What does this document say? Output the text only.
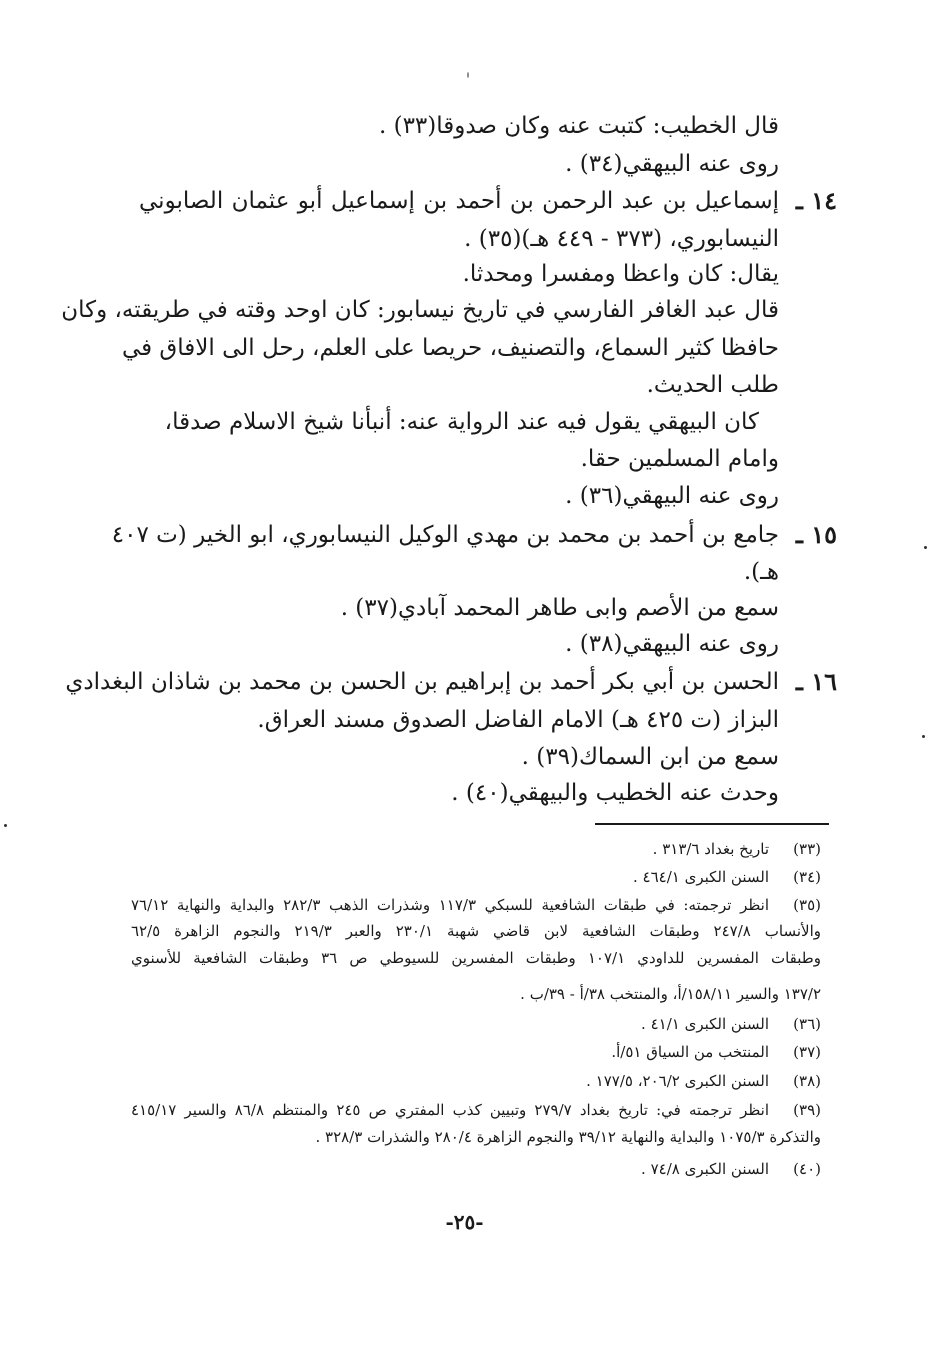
قال الخطيب: كتبت عنه وكان صدوقا(٣٣) .
روى عنه البيهقي(٣٤) .
١٤ ـ
إسماعيل بن عبد الرحمن بن أحمد بن إسماعيل أبو عثمان الصابوني
النيسابوري، (٣٧٣ - ٤٤٩ هـ)(٣٥) .
يقال: كان واعظا ومفسرا ومحدثا.
قال عبد الغافر الفارسي في تاريخ نيسابور: كان اوحد وقته في طريقته، وكان
حافظا كثير السماع، والتصنيف، حريصا على العلم، رحل الى الافاق في
طلب الحديث.
كان البيهقي يقول فيه عند الرواية عنه: أنبأنا شيخ الاسلام صدقا،
وامام المسلمين حقا.
روى عنه البيهقي(٣٦) .
١٥ ـ
جامع بن أحمد بن محمد بن مهدي الوكيل النيسابوري، ابو الخير (ت ٤٠٧
هـ).
سمع من الأصم وابى طاهر المحمد آبادي(٣٧) .
روى عنه البيهقي(٣٨) .
١٦ ـ
الحسن بن أبي بكر أحمد بن إبراهيم بن الحسن بن محمد بن شاذان البغدادي
البزاز (ت ٤٢٥ هـ) الامام الفاضل الصدوق مسند العراق.
سمع من ابن السماك(٣٩) .
وحدث عنه الخطيب والبيهقي(٤٠) .
(٣٣)
تاريخ بغداد ٣١٣/٦ .
(٣٤)
السنن الكبرى ٤٦٤/١ .
(٣٥)
انظر ترجمته: في طبقات الشافعية للسبكي ١١٧/٣ وشذرات الذهب ٢٨٢/٣ والبداية والنهاية ٧٦/١٢
والأنساب ٢٤٧/٨ وطبقات الشافعية لابن قاضي شهبة ٢٣٠/١ والعبر ٢١٩/٣ والنجوم الزاهرة ٦٢/٥
وطبقات المفسرين للداودي ١٠٧/١ وطبقات المفسرين للسيوطي ص ٣٦ وطبقات الشافعية للأسنوي
١٣٧/٢ والسير ١٥٨/١١/أ، والمنتخب ٣٨/أ - ٣٩/ب .
(٣٦)
السنن الكبرى ٤١/١ .
(٣٧)
المنتخب من السياق ٥١/أ.
(٣٨)
السنن الكبرى ٢٠٦/٢، ١٧٧/٥ .
(٣٩)
انظر ترجمته في: تاريخ بغداد ٢٧٩/٧ وتبيين كذب المفتري ص ٢٤٥ والمنتظم ٨٦/٨ والسير ٤١٥/١٧
والتذكرة ١٠٧٥/٣ والبداية والنهاية ٣٩/١٢ والنجوم الزاهرة ٢٨٠/٤ والشذرات ٣٢٨/٣ .
(٤٠)
السنن الكبرى ٧٤/٨ .
-٢٥-
